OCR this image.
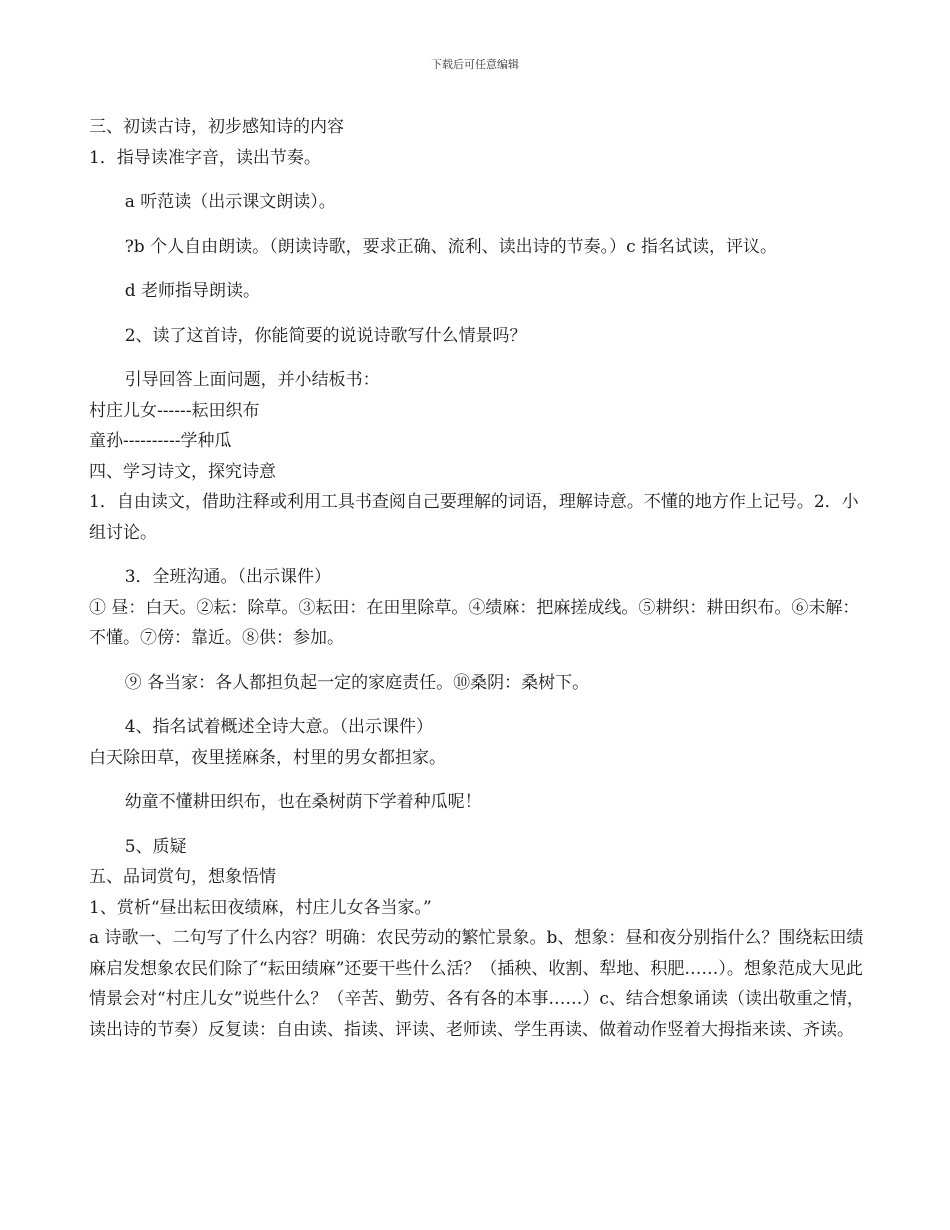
下载后可任意编辑

三、初读古诗，初步感知诗的内容

1．指导读准字音，读出节奏。

a 听范读（出示课文朗读）。

?b 个人自由朗读。（朗读诗歌，要求正确、流利、读出诗的节奏。）c 指名试读，评议。

d 老师指导朗读。

2、读了这首诗，你能简要的说说诗歌写什么情景吗？

引导回答上面问题，并小结板书：

村庄儿女------耘田织布

童孙----------学种瓜

四、学习诗文，探究诗意

1．自由读文，借助注释或利用工具书查阅自己要理解的词语，理解诗意。不懂的地方作上记号。2．小组讨论。

3．全班沟通。（出示课件）

① 昼：白天。②耘：除草。③耘田：在田里除草。④绩麻：把麻搓成线。⑤耕织：耕田织布。⑥未解：不懂。⑦傍：靠近。⑧供：参加。

⑨ 各当家：各人都担负起一定的家庭责任。⑩桑阴：桑树下。

4、指名试着概述全诗大意。（出示课件）

白天除田草，夜里搓麻条，村里的男女都担家。

幼童不懂耕田织布，也在桑树荫下学着种瓜呢！

5、质疑

五、品词赏句，想象悟情

1、赏析“昼出耘田夜绩麻，村庄儿女各当家。”

a 诗歌一、二句写了什么内容？明确：农民劳动的繁忙景象。b、想象：昼和夜分别指什么？围绕耘田绩麻启发想象农民们除了“耘田绩麻”还要干些什么活？（插秧、收割、犁地、积肥……）。想象范成大见此情景会对“村庄儿女”说些什么？（辛苦、勤劳、各有各的本事……）c、结合想象诵读（读出敬重之情，读出诗的节奏）反复读：自由读、指读、评读、老师读、学生再读、做着动作竖着大拇指来读、齐读。
